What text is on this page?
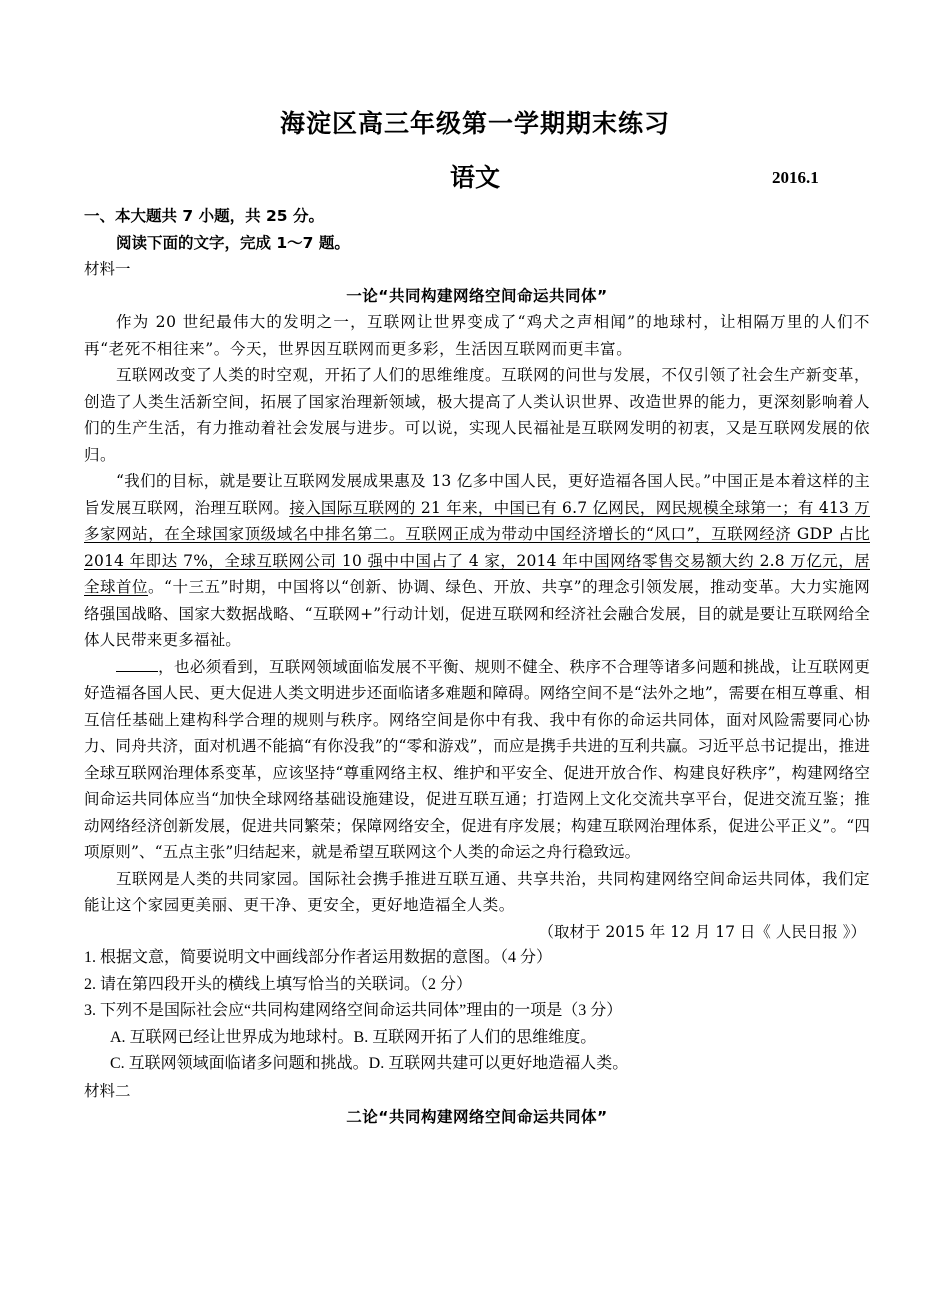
海淀区高三年级第一学期期末练习
语文	2016.1

一、本大题共 7 小题，共 25 分。

阅读下面的文字，完成 1～7 题。

材料一

一论“共同构建网络空间命运共同体”

作为 20 世纪最伟大的发明之一，互联网让世界变成了“鸡犬之声相闻”的地球村，让相隔万里的人们不再“老死不相往来”。今天，世界因互联网而更多彩，生活因互联网而更丰富。

互联网改变了人类的时空观，开拓了人们的思维维度。互联网的问世与发展，不仅引领了社会生产新变革，创造了人类生活新空间，拓展了国家治理新领域，极大提高了人类认识世界、改造世界的能力，更深刻影响着人们的生产生活，有力推动着社会发展与进步。可以说，实现人民福祉是互联网发明的初衷，又是互联网发展的依归。

“我们的目标，就是要让互联网发展成果惠及 13 亿多中国人民，更好造福各国人民。”中国正是本着这样的主旨发展互联网，治理互联网。接入国际互联网的 21 年来，中国已有 6.7 亿网民，网民规模全球第一；有 413 万多家网站，在全球国家顶级域名中排名第二。互联网正成为带动中国经济增长的“风口”，互联网经济 GDP 占比 2014 年即达 7%，全球互联网公司 10 强中中国占了 4 家，2014 年中国网络零售交易额大约 2.8 万亿元，居全球首位。“十三五”时期，中国将以“创新、协调、绿色、开放、共享”的理念引领发展，推动变革。大力实施网络强国战略、国家大数据战略、“互联网+”行动计划，促进互联网和经济社会融合发展，目的就是要让互联网给全体人民带来更多福祉。

，也必须看到，互联网领域面临发展不平衡、规则不健全、秩序不合理等诸多问题和挑战，让互联网更好造福各国人民、更大促进人类文明进步还面临诸多难题和障碍。网络空间不是“法外之地”，需要在相互尊重、相互信任基础上建构科学合理的规则与秩序。网络空间是你中有我、我中有你的命运共同体，面对风险需要同心协力、同舟共济，面对机遇不能搞“有你没我”的“零和游戏”，而应是携手共进的互利共赢。习近平总书记提出，推进全球互联网治理体系变革，应该坚持“尊重网络主权、维护和平安全、促进开放合作、构建良好秩序”，构建网络空间命运共同体应当“加快全球网络基础设施建设，促进互联互通；打造网上文化交流共享平台，促进交流互鉴；推动网络经济创新发展，促进共同繁荣；保障网络安全，促进有序发展；构建互联网治理体系，促进公平正义”。“四项原则”、“五点主张”归结起来，就是希望互联网这个人类的命运之舟行稳致远。

互联网是人类的共同家园。国际社会携手推进互联互通、共享共治，共同构建网络空间命运共同体，我们定能让这个家园更美丽、更干净、更安全，更好地造福全人类。

（取材于 2015 年 12 月 17 日《 人民日报 》）

1. 根据文意，简要说明文中画线部分作者运用数据的意图。（4 分）

2. 请在第四段开头的横线上填写恰当的关联词。（2 分）

3. 下列不是国际社会应“共同构建网络空间命运共同体”理由的一项是（3 分）

A. 互联网已经让世界成为地球村。B. 互联网开拓了人们的思维维度。

C. 互联网领域面临诸多问题和挑战。D. 互联网共建可以更好地造福人类。

材料二

二论“共同构建网络空间命运共同体”
